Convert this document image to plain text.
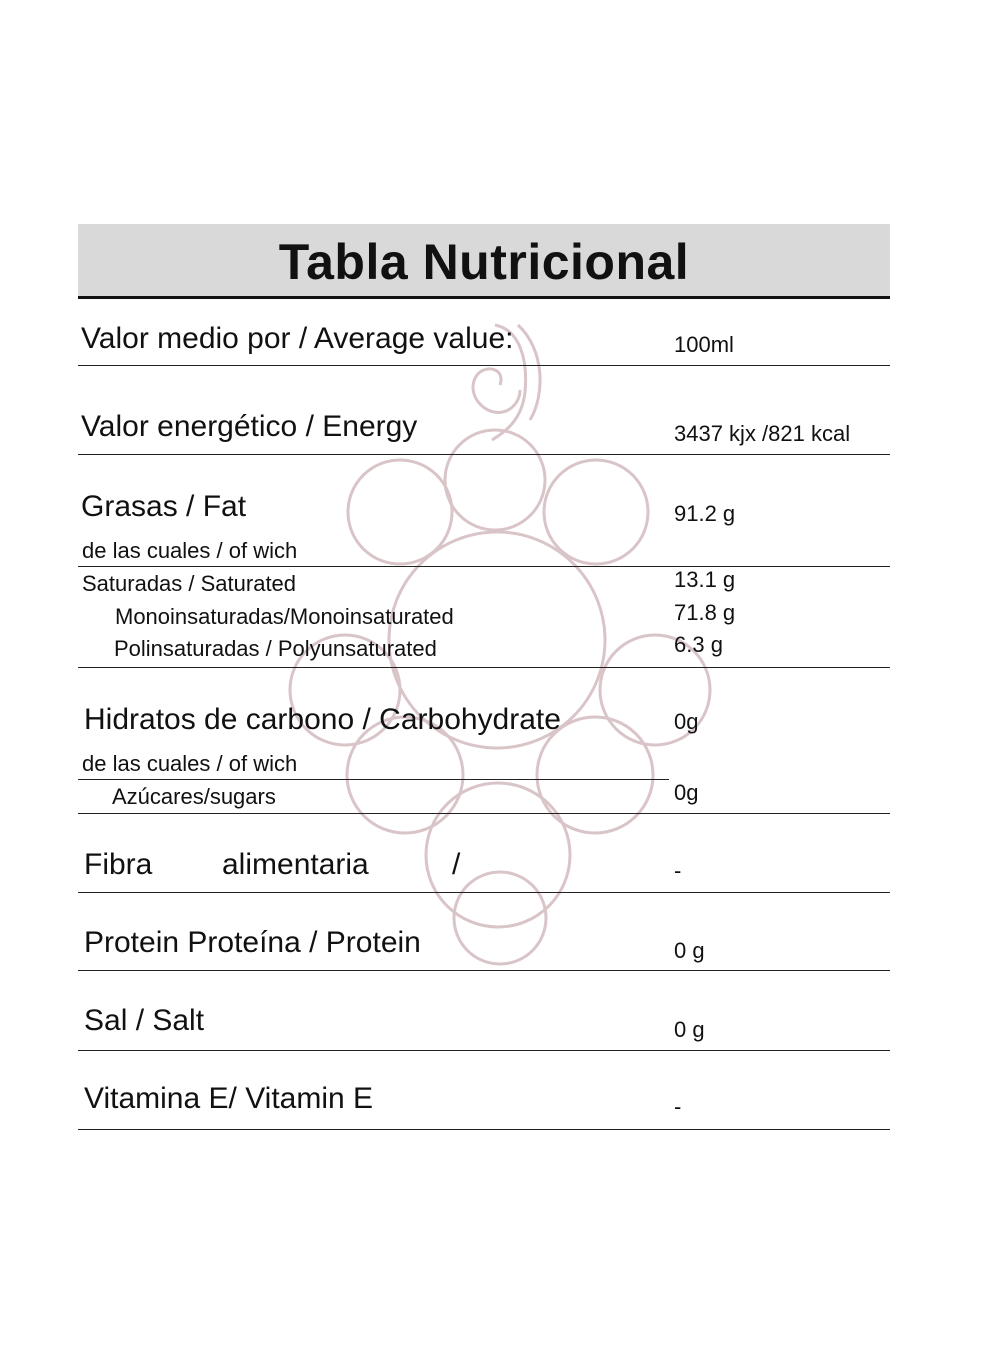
Tabla Nutricional
Valor medio por / Average value:	100ml
Valor energético / Energy	3437 kjx /821 kcal
Grasas / Fat	91.2 g
de las cuales / of wich
Saturadas / Saturated	13.1 g
Monoinsaturadas/Monoinsaturated	71.8 g
Polinsaturadas / Polyunsaturated	6.3 g
Hidratos de carbono / Carbohydrate	0g
de las cuales / of wich
Azúcares/sugars	0g
Fibra alimentaria	/	-
Protein Proteína / Protein	0 g
Sal / Salt	0 g
Vitamina E/ Vitamin E	-
